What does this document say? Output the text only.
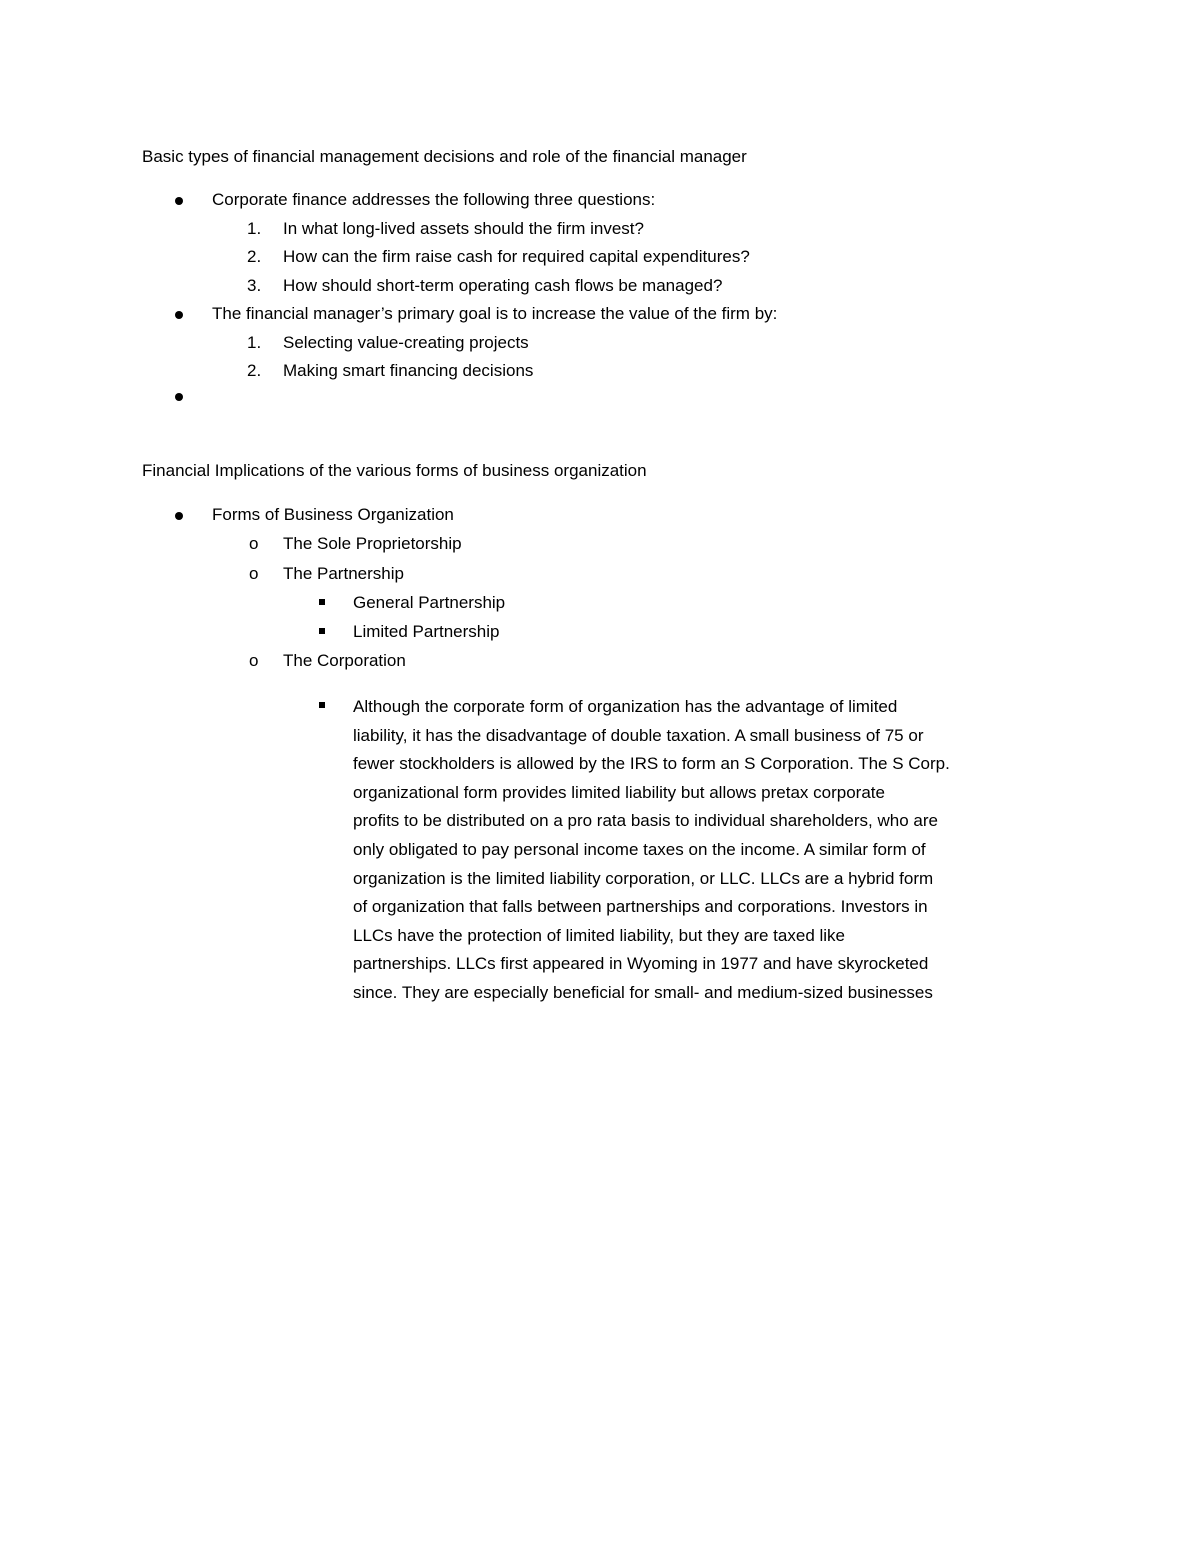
Basic types of financial management decisions and role of the financial manager
Corporate finance addresses the following three questions:
1. In what long-lived assets should the firm invest?
2. How can the firm raise cash for required capital expenditures?
3. How should short-term operating cash flows be managed?
The financial manager’s primary goal is to increase the value of the firm by:
1. Selecting value-creating projects
2. Making smart financing decisions
Financial Implications of the various forms of business organization
Forms of Business Organization
o The Sole Proprietorship
o The Partnership
General Partnership
Limited Partnership
o The Corporation
Although the corporate form of organization has the advantage of limited
liability, it has the disadvantage of double taxation. A small business of 75 or
fewer stockholders is allowed by the IRS to form an S Corporation. The S Corp.
organizational form provides limited liability but allows pretax corporate
profits to be distributed on a pro rata basis to individual shareholders, who are
only obligated to pay personal income taxes on the income. A similar form of
organization is the limited liability corporation, or LLC. LLCs are a hybrid form
of organization that falls between partnerships and corporations. Investors in
LLCs have the protection of limited liability, but they are taxed like
partnerships. LLCs first appeared in Wyoming in 1977 and have skyrocketed
since. They are especially beneficial for small- and medium-sized businesses
